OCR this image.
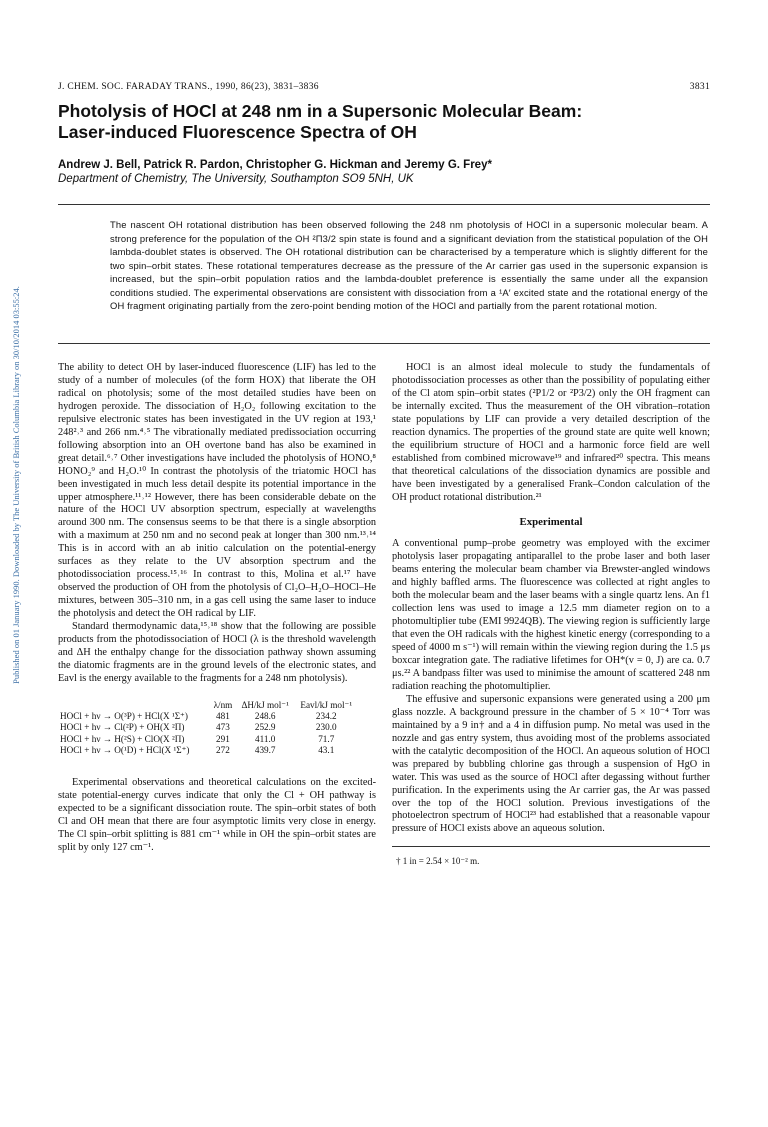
Published on 01 January 1990. Downloaded by The University of British Columbia Library on 30/10/2014 03:55:24.
J. CHEM. SOC. FARADAY TRANS., 1990, 86(23), 3831–3836	3831
Photolysis of HOCl at 248 nm in a Supersonic Molecular Beam:
Laser-induced Fluorescence Spectra of OH
Andrew J. Bell, Patrick R. Pardon, Christopher G. Hickman and Jeremy G. Frey*
Department of Chemistry, The University, Southampton SO9 5NH, UK
The nascent OH rotational distribution has been observed following the 248 nm photolysis of HOCl in a supersonic molecular beam. A strong preference for the population of the OH ²Π3/2 spin state is found and a significant deviation from the statistical population of the OH lambda-doublet states is observed. The OH rotational distribution can be characterised by a temperature which is slightly different for the two spin–orbit states. These rotational temperatures decrease as the pressure of the Ar carrier gas used in the supersonic expansion is increased, but the spin–orbit population ratios and the lambda-doublet preference is essentially the same under all the expansion conditions studied. The experimental observations are consistent with dissociation from a ¹A′ excited state and the rotational energy of the OH fragment originating partially from the zero-point bending motion of the HOCl and partially from the parent rotational motion.

The ability to detect OH by laser-induced fluorescence (LIF) has led to the study of a number of molecules (of the form HOX) that liberate the OH radical on photolysis; some of the most detailed studies have been on hydrogen peroxide. The dissociation of H₂O₂ following excitation to the repulsive electronic states has been investigated in the UV region at 193,¹ 248²˒³ and 266 nm.⁴˒⁵ The vibrationally mediated predissociation occurring following absorption into an OH overtone band has also be examined in great detail.⁶˒⁷ Other investigations have included the photolysis of HONO,⁸ HONO₂⁹ and H₂O.¹⁰ In contrast the photolysis of the triatomic HOCl has been investigated in much less detail despite its potential importance in the upper atmosphere.¹¹˒¹² However, there has been considerable debate on the nature of the HOCl UV absorption spectrum, especially at wavelengths around 300 nm. The consensus seems to be that there is a single absorption with a maximum at 250 nm and no second peak at longer than 300 nm.¹³˒¹⁴ This is in accord with an ab initio calculation on the potential-energy surfaces as they relate to the UV absorption spectrum and the photodissociation process.¹⁵˒¹⁶ In contrast to this, Molina et al.¹⁷ have observed the production of OH from the photolysis of Cl₂O–H₂O–HOCl–He mixtures, between 305–310 nm, in a gas cell using the same laser to induce the photolysis and detect the OH radical by LIF.

Standard thermodynamic data,¹⁵˒¹⁸ show that the following are possible products from the photodissociation of HOCl (λ is the threshold wavelength and ΔH the enthalpy change for the dissociation pathway shown assuming the diatomic fragments are in the ground levels of the electronic states, and Eavl is the energy available to the fragments for a 248 nm photolysis).

	λ/nm	ΔH/kJ mol⁻¹	Eavl/kJ mol⁻¹
HOCl + hν → O(³P) + HCl(X ¹Σ⁺)	481	248.6	234.2
HOCl + hν → Cl(²P) + OH(X ²Π)	473	252.9	230.0
HOCl + hν → H(²S) + ClO(X ²Π)	291	411.0	71.7
HOCl + hν → O(¹D) + HCl(X ¹Σ⁺)	272	439.7	43.1

Experimental observations and theoretical calculations on the excited-state potential-energy curves indicate that only the Cl + OH pathway is expected to be a significant dissociation route. The spin–orbit states of both Cl and OH mean that there are four asymptotic limits very close in energy. The Cl spin–orbit splitting is 881 cm⁻¹ while in OH the spin–orbit states are split by only 127 cm⁻¹.

HOCl is an almost ideal molecule to study the fundamentals of photodissociation processes as other than the possibility of populating either of the Cl atom spin–orbit states (²P1/2 or ²P3/2) only the OH fragment can be internally excited. Thus the measurement of the OH vibration–rotation state populations by LIF can provide a very detailed description of the reaction dynamics. The properties of the ground state are quite well known; the equilibrium structure of HOCl and a harmonic force field are well established from combined microwave¹⁹ and infrared²⁰ spectra. This means that theoretical calculations of the dissociation dynamics are possible and have been investigated by a generalised Frank–Condon calculation of the OH product rotational distribution.²¹

Experimental

A conventional pump–probe geometry was employed with the excimer photolysis laser propagating antiparallel to the probe laser and both laser beams entering the molecular beam chamber via Brewster-angled windows and highly baffled arms. The fluorescence was collected at right angles to both the molecular beam and the laser beams with a single quartz lens. An f1 collection lens was used to image a 12.5 mm diameter region on to a photomultiplier tube (EMI 9924QB). The viewing region is sufficiently large that even the OH radicals with the highest kinetic energy (corresponding to a speed of 4000 m s⁻¹) will remain within the viewing region during the 1.5 μs boxcar integration gate. The radiative lifetimes for OH*(v = 0, J) are ca. 0.7 μs.²² A bandpass filter was used to minimise the amount of scattered 248 nm radiation reaching the photomultiplier.

The effusive and supersonic expansions were generated using a 200 μm glass nozzle. A background pressure in the chamber of 5 × 10⁻⁴ Torr was maintained by a 9 in† and a 4 in diffusion pump. No metal was used in the nozzle and gas entry system, thus avoiding most of the problems associated with the catalytic decomposition of the HOCl. An aqueous solution of HOCl was prepared by bubbling chlorine gas through a suspension of HgO in water. This was used as the source of HOCl after degassing without further purification. In the experiments using the Ar carrier gas, the Ar was passed over the top of the HOCl solution. Previous investigations of the photoelectron spectrum of HOCl²³ had established that a reasonable vapour pressure of HOCl exists above an aqueous solution.

† 1 in = 2.54 × 10⁻² m.
